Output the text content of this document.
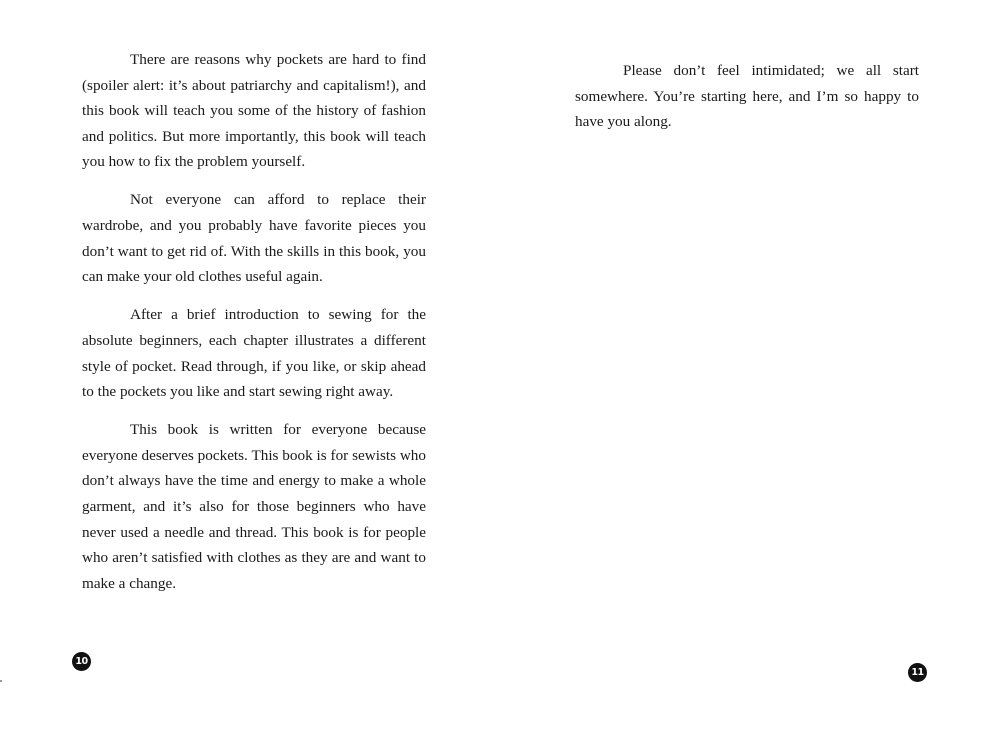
There are reasons why pockets are hard to find (spoiler alert: it’s about patriarchy and capitalism!), and this book will teach you some of the history of fashion and politics. But more importantly, this book will teach you how to fix the problem yourself.

Not everyone can afford to replace their wardrobe, and you probably have favorite pieces you don’t want to get rid of. With the skills in this book, you can make your old clothes useful again.

After a brief introduction to sewing for the absolute beginners, each chapter illustrates a different style of pocket. Read through, if you like, or skip ahead to the pockets you like and start sewing right away.

This book is written for everyone because everyone deserves pockets. This book is for sewists who don’t always have the time and energy to make a whole garment, and it’s also for those beginners who have never used a needle and thread. This book is for people who aren’t satisfied with clothes as they are and want to make a change.

10

Please don’t feel intimidated; we all start somewhere. You’re starting here, and I’m so happy to have you along.

11
